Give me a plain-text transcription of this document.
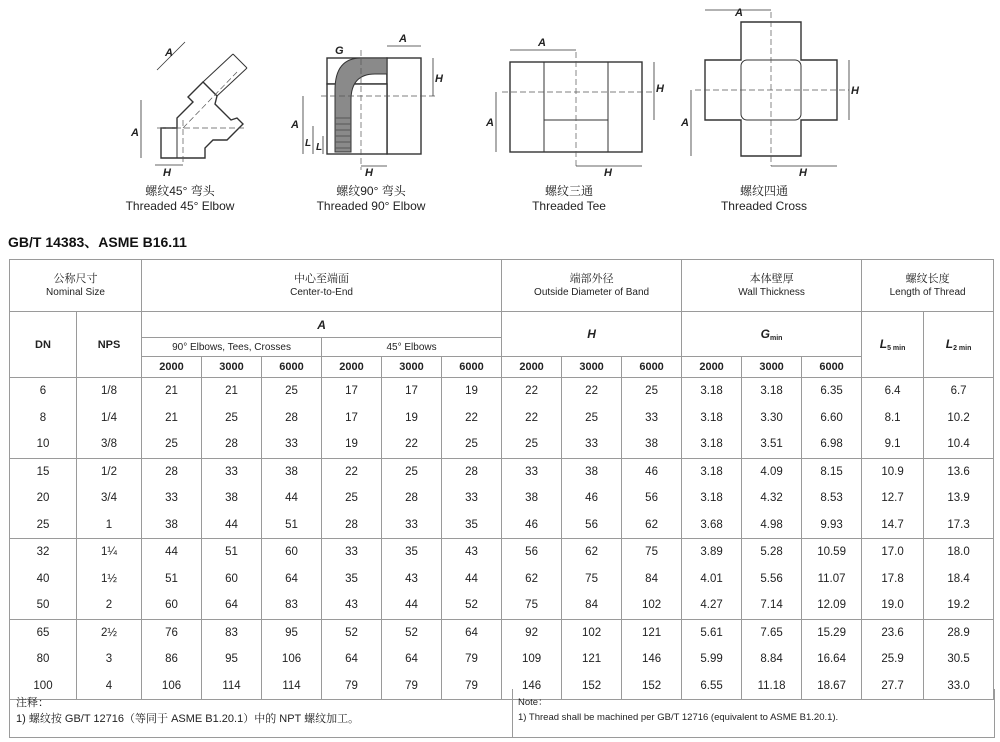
A
H
A
A
L L
H
A
G
H
A
A
H
H
A
A
H
H
螺纹45° 弯头
Threaded 45° Elbow
螺纹90° 弯头
Threaded 90° Elbow
螺纹三通
Threaded Tee
螺纹四通
Threaded Cross
GB/T 14383、ASME B16.11
公称尺寸
Nominal Size		中心至端面
Center-to-End						端部外径
Outside Diameter of Band			本体壁厚
Wall Thickness			螺纹长度
Length of Thread	

DN	NPS	A						H			$G_{min}$			$L_{5 min}$	$L_{2 min}$
		90° Elbows, Tees, Crosses			45° Elbows										
		2000	3000	6000	2000	3000	6000	2000	3000	6000	2000	3000	6000		
6	1/8	21	21	25	17	17	19	22	22	25	3.18	3.18	6.35	6.4	6.7
8	1/4	21	25	28	17	19	22	22	25	33	3.18	3.30	6.60	8.1	10.2
10	3/8	25	28	33	19	22	25	25	33	38	3.18	3.51	6.98	9.1	10.4
15	1/2	28	33	38	22	25	28	33	38	46	3.18	4.09	8.15	10.9	13.6
20	3/4	33	38	44	25	28	33	38	46	56	3.18	4.32	8.53	12.7	13.9
25	1	38	44	51	28	33	35	46	56	62	3.68	4.98	9.93	14.7	17.3
32	1¼	44	51	60	33	35	43	56	62	75	3.89	5.28	10.59	17.0	18.0
40	1½	51	60	64	35	43	44	62	75	84	4.01	5.56	11.07	17.8	18.4
50	2	60	64	83	43	44	52	75	84	102	4.27	7.14	12.09	19.0	19.2
65	2½	76	83	95	52	52	64	92	102	121	5.61	7.65	15.29	23.6	28.9
80	3	86	95	106	64	64	79	109	121	146	5.99	8.84	16.64	25.9	30.5
100	4	106	114	114	79	79	79	146	152	152	6.55	11.18	18.67	27.7	33.0
注释：
1) 螺纹按 GB/T 12716（等同于 ASME B1.20.1）中的 NPT 螺纹加工。
Note：
1) Thread shall be machined per GB/T 12716 (equivalent to ASME B1.20.1).
